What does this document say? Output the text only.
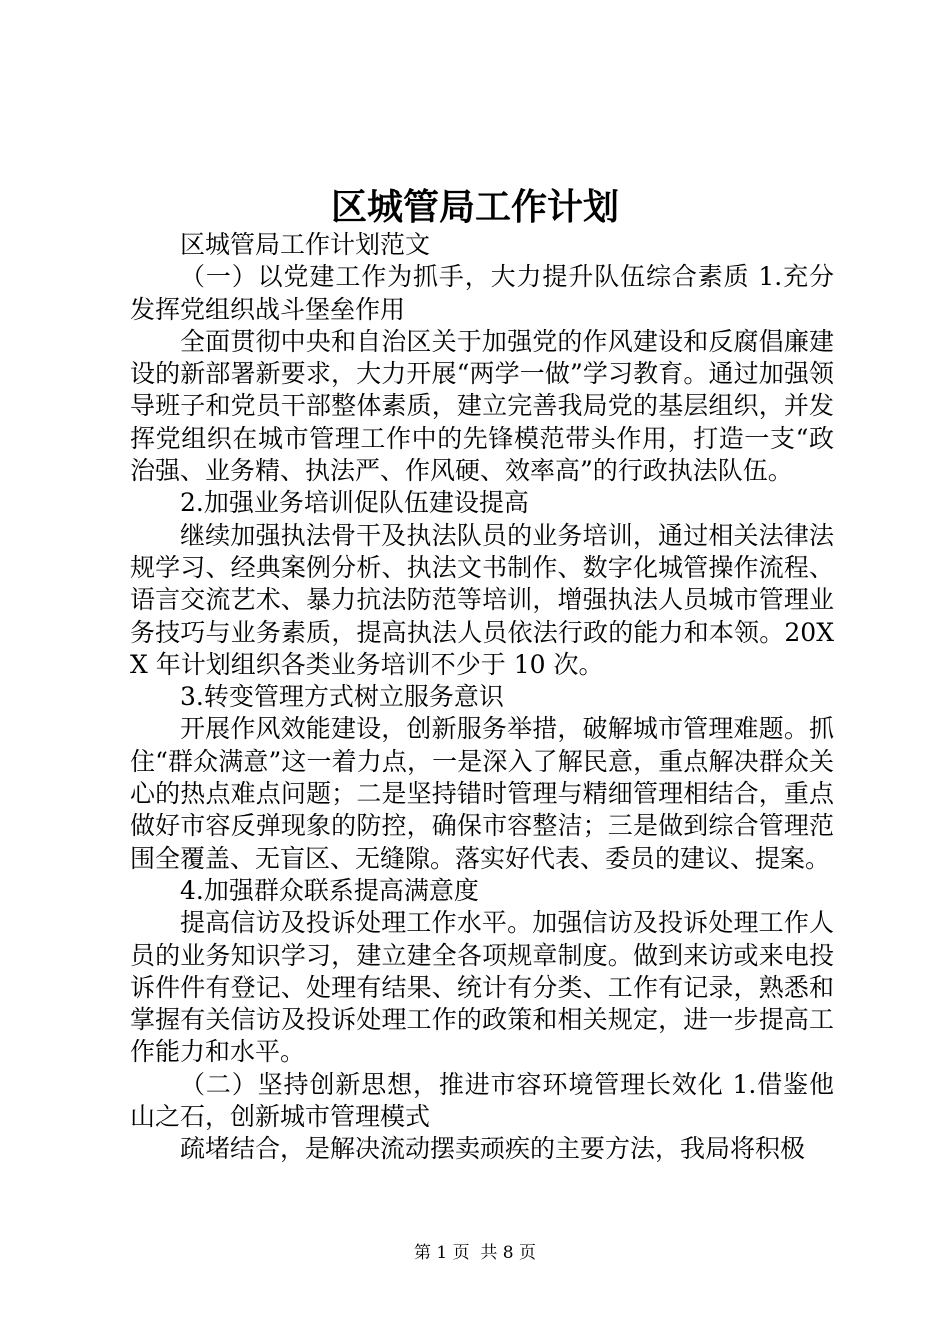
区城管局工作计划

区城管局工作计划范文

（一）以党建工作为抓手，大力提升队伍综合素质 1.充分发挥党组织战斗堡垒作用

全面贯彻中央和自治区关于加强党的作风建设和反腐倡廉建设的新部署新要求，大力开展“两学一做”学习教育。通过加强领导班子和党员干部整体素质，建立完善我局党的基层组织，并发挥党组织在城市管理工作中的先锋模范带头作用，打造一支“政治强、业务精、执法严、作风硬、效率高”的行政执法队伍。

2.加强业务培训促队伍建设提高

继续加强执法骨干及执法队员的业务培训，通过相关法律法规学习、经典案例分析、执法文书制作、数字化城管操作流程、语言交流艺术、暴力抗法防范等培训，增强执法人员城市管理业务技巧与业务素质，提高执法人员依法行政的能力和本领。20XX 年计划组织各类业务培训不少于 10 次。

3.转变管理方式树立服务意识

开展作风效能建设，创新服务举措，破解城市管理难题。抓住“群众满意”这一着力点，一是深入了解民意，重点解决群众关心的热点难点问题；二是坚持错时管理与精细管理相结合，重点做好市容反弹现象的防控，确保市容整洁；三是做到综合管理范围全覆盖、无盲区、无缝隙。落实好代表、委员的建议、提案。

4.加强群众联系提高满意度

提高信访及投诉处理工作水平。加强信访及投诉处理工作人员的业务知识学习，建立建全各项规章制度。做到来访或来电投诉件件有登记、处理有结果、统计有分类、工作有记录，熟悉和掌握有关信访及投诉处理工作的政策和相关规定，进一步提高工作能力和水平。

（二）坚持创新思想，推进市容环境管理长效化 1.借鉴他山之石，创新城市管理模式

疏堵结合，是解决流动摆卖顽疾的主要方法，我局将积极

第 1 页  共 8 页
